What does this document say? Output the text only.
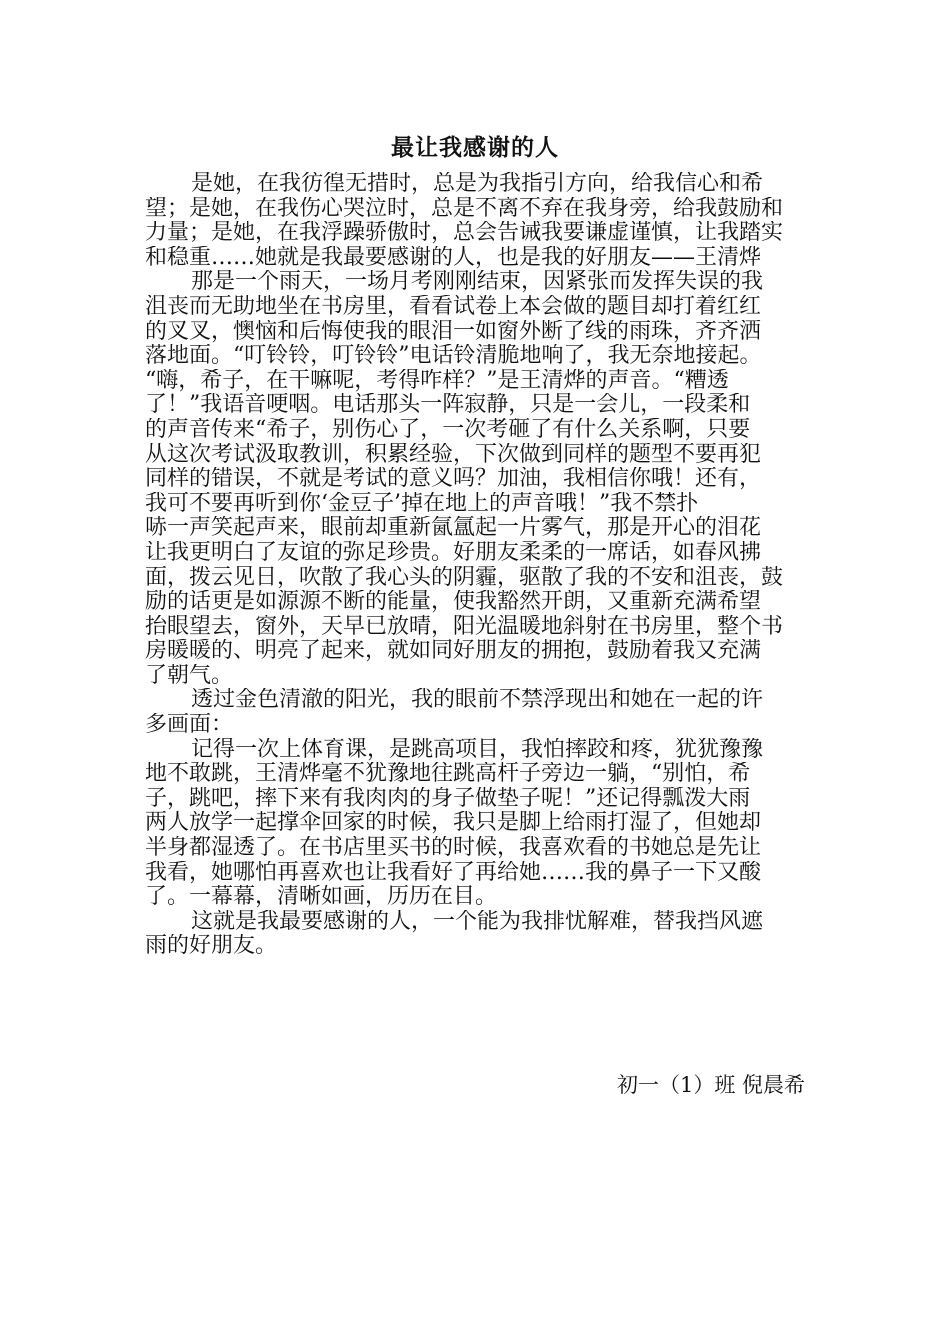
最让我感谢的人
是她，在我彷徨无措时，总是为我指引方向，给我信心和希
望；是她，在我伤心哭泣时，总是不离不弃在我身旁，给我鼓励和
力量；是她，在我浮躁骄傲时，总会告诫我要谦虚谨慎，让我踏实
和稳重……她就是我最要感谢的人，也是我的好朋友——王清烨
那是一个雨天，一场月考刚刚结束，因紧张而发挥失误的我
沮丧而无助地坐在书房里，看看试卷上本会做的题目却打着红红
的叉叉，懊恼和后悔使我的眼泪一如窗外断了线的雨珠，齐齐洒
落地面。“叮铃铃，叮铃铃”电话铃清脆地响了，我无奈地接起。
“嗨，希子，在干嘛呢，考得咋样？”是王清烨的声音。“糟透
了！”我语音哽咽。电话那头一阵寂静，只是一会儿，一段柔和
的声音传来“希子，别伤心了，一次考砸了有什么关系啊，只要
从这次考试汲取教训，积累经验，下次做到同样的题型不要再犯
同样的错误，不就是考试的意义吗？加油，我相信你哦！还有，
我可不要再听到你‘金豆子’掉在地上的声音哦！”我不禁扑
哧一声笑起声来，眼前却重新氤氲起一片雾气，那是开心的泪花
让我更明白了友谊的弥足珍贵。好朋友柔柔的一席话，如春风拂
面，拨云见日，吹散了我心头的阴霾，驱散了我的不安和沮丧，鼓
励的话更是如源源不断的能量，使我豁然开朗，又重新充满希望
抬眼望去，窗外，天早已放晴，阳光温暖地斜射在书房里，整个书
房暖暖的、明亮了起来，就如同好朋友的拥抱，鼓励着我又充满
了朝气。
透过金色清澈的阳光，我的眼前不禁浮现出和她在一起的许
多画面：
记得一次上体育课，是跳高项目，我怕摔跤和疼，犹犹豫豫
地不敢跳，王清烨毫不犹豫地往跳高杆子旁边一躺，“别怕，希
子，跳吧，摔下来有我肉肉的身子做垫子呢！”还记得瓢泼大雨
两人放学一起撑伞回家的时候，我只是脚上给雨打湿了，但她却
半身都湿透了。在书店里买书的时候，我喜欢看的书她总是先让
我看，她哪怕再喜欢也让我看好了再给她……我的鼻子一下又酸
了。一幕幕，清晰如画，历历在目。
这就是我最要感谢的人，一个能为我排忧解难，替我挡风遮
雨的好朋友。
初一（1）班 倪晨希
